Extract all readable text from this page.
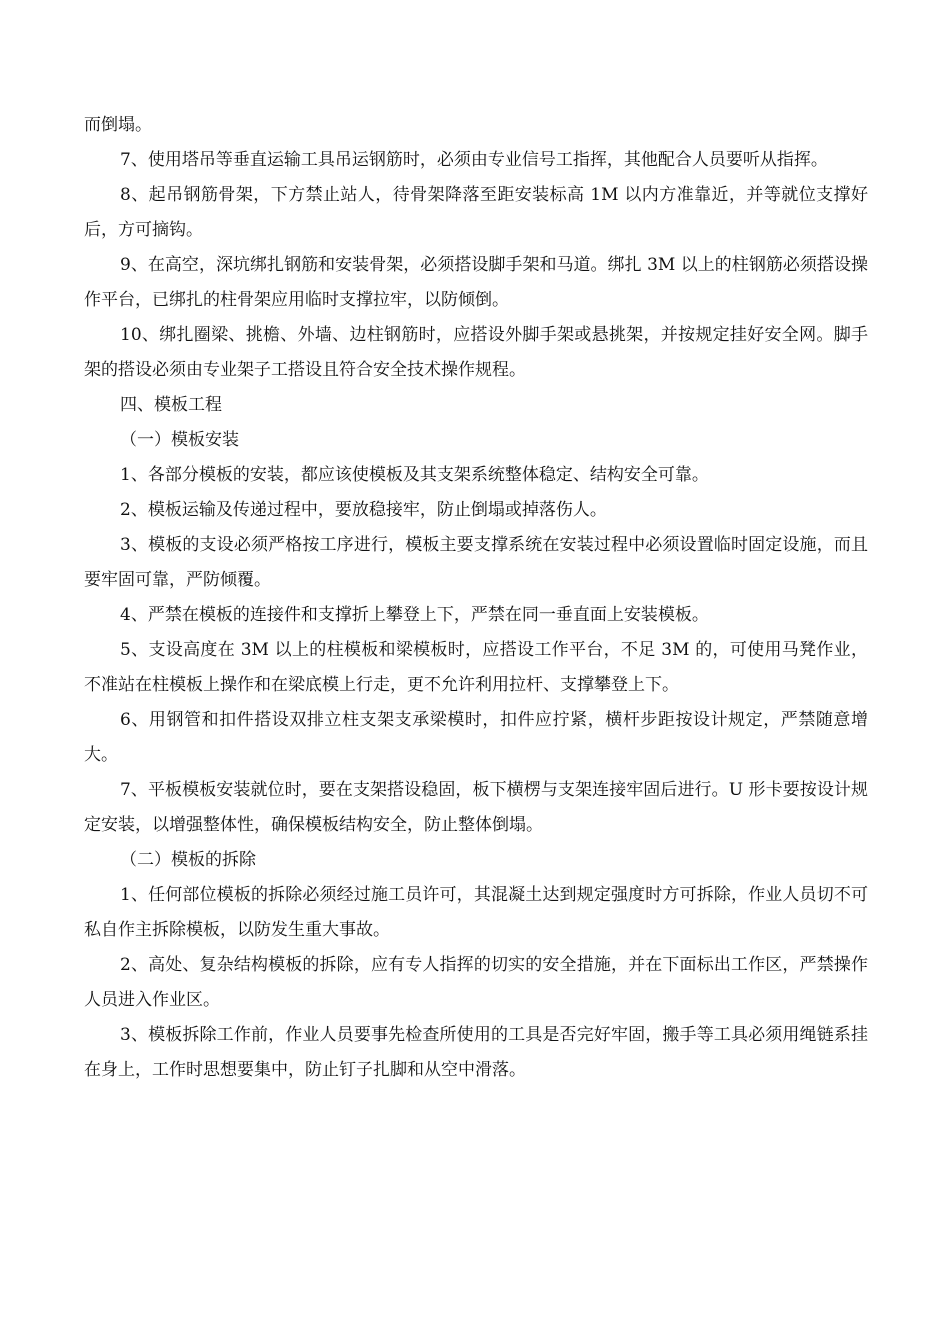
而倒塌。

7、使用塔吊等垂直运输工具吊运钢筋时，必须由专业信号工指挥，其他配合人员要听从指挥。

8、起吊钢筋骨架，下方禁止站人，待骨架降落至距安装标高 1M 以内方准靠近，并等就位支撑好后，方可摘钩。

9、在高空，深坑绑扎钢筋和安装骨架，必须搭设脚手架和马道。绑扎 3M 以上的柱钢筋必须搭设操作平台，已绑扎的柱骨架应用临时支撑拉牢，以防倾倒。

10、绑扎圈梁、挑檐、外墙、边柱钢筋时，应搭设外脚手架或悬挑架，并按规定挂好安全网。脚手架的搭设必须由专业架子工搭设且符合安全技术操作规程。

四、模板工程

（一）模板安装

1、各部分模板的安装，都应该使模板及其支架系统整体稳定、结构安全可靠。

2、模板运输及传递过程中，要放稳接牢，防止倒塌或掉落伤人。

3、模板的支设必须严格按工序进行，模板主要支撑系统在安装过程中必须设置临时固定设施，而且要牢固可靠，严防倾覆。

4、严禁在模板的连接件和支撑折上攀登上下，严禁在同一垂直面上安装模板。

5、支设高度在 3M 以上的柱模板和梁模板时，应搭设工作平台，不足 3M 的，可使用马凳作业，不准站在柱模板上操作和在梁底模上行走，更不允许利用拉杆、支撑攀登上下。

6、用钢管和扣件搭设双排立柱支架支承梁模时，扣件应拧紧，横杆步距按设计规定，严禁随意增大。

7、平板模板安装就位时，要在支架搭设稳固，板下横楞与支架连接牢固后进行。U 形卡要按设计规定安装，以增强整体性，确保模板结构安全，防止整体倒塌。

（二）模板的拆除

1、任何部位模板的拆除必须经过施工员许可，其混凝土达到规定强度时方可拆除，作业人员切不可私自作主拆除模板，以防发生重大事故。

2、高处、复杂结构模板的拆除，应有专人指挥的切实的安全措施，并在下面标出工作区，严禁操作人员进入作业区。

3、模板拆除工作前，作业人员要事先检查所使用的工具是否完好牢固，搬手等工具必须用绳链系挂在身上，工作时思想要集中，防止钉子扎脚和从空中滑落。
